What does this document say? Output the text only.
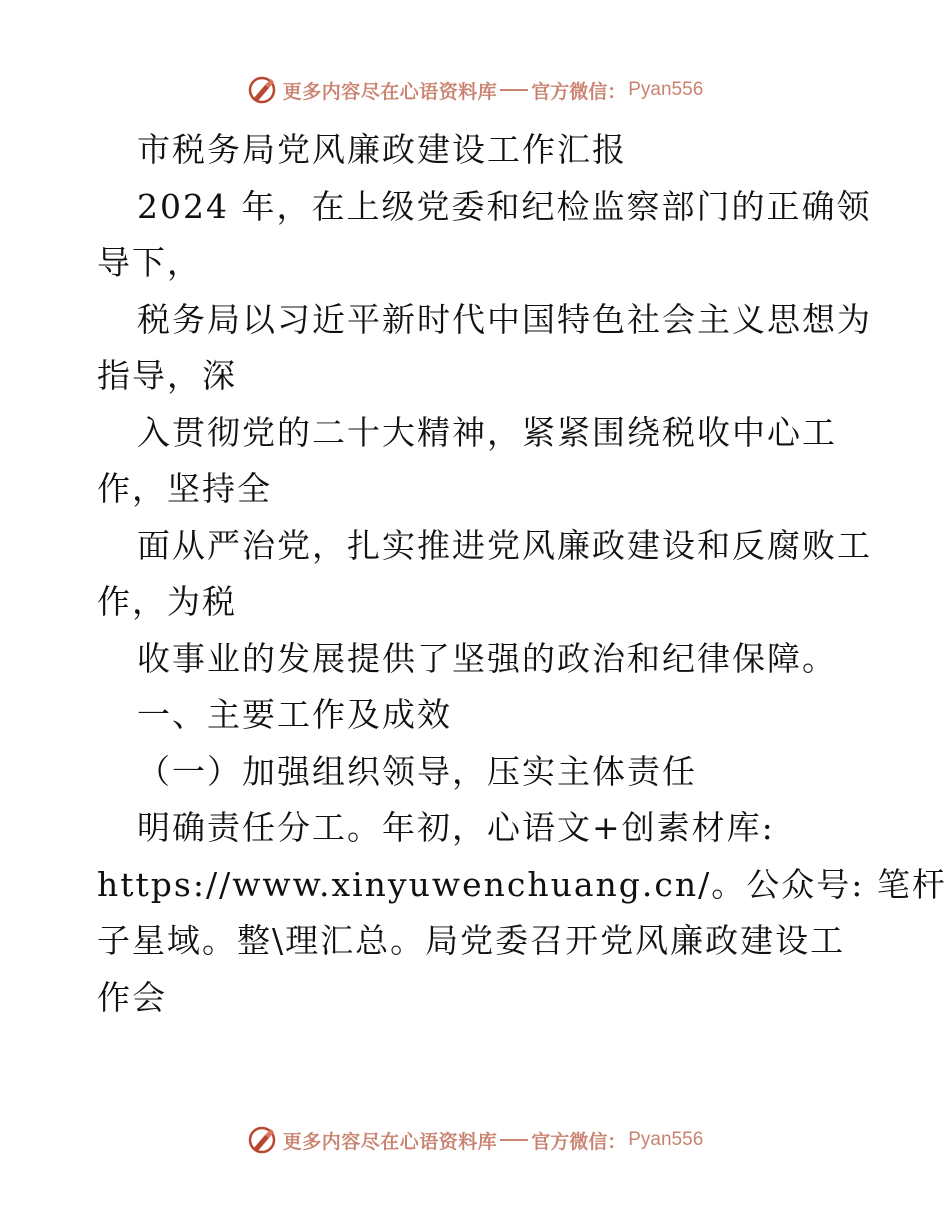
更多内容尽在心语资料库 官方微信： Pyan556
市税务局党风廉政建设工作汇报
2024 年，在上级党委和纪检监察部门的正确领
导下，
税务局以习近平新时代中国特色社会主义思想为
指导，深
入贯彻党的二十大精神，紧紧围绕税收中心工
作，坚持全
面从严治党，扎实推进党风廉政建设和反腐败工
作，为税
收事业的发展提供了坚强的政治和纪律保障。
一、主要工作及成效
（一）加强组织领导，压实主体责任
明确责任分工。年初，心语文+创素材库:
https://www.xinyuwenchuang.cn/。公众号: 笔杆
子星域。整\理汇总。局党委召开党风廉政建设工
作会
更多内容尽在心语资料库 官方微信： Pyan556
